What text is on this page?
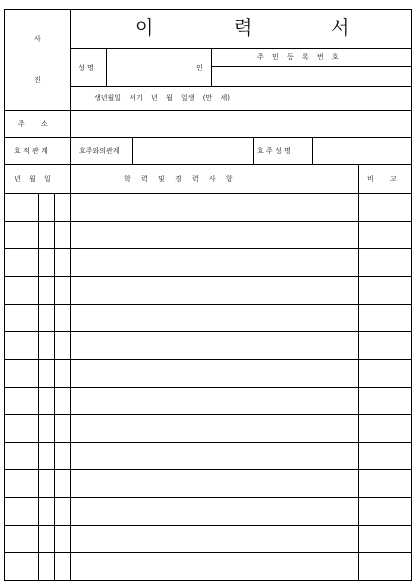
사
진
이	력	서
성 명	인
주 민 등 록 번 호
생년월일 서기 년 월 일생 (만 세)
주 소
호 적 관 계	호주와의관계	호 주 성 명
년 월 일	학 력 및 경 력 사 항	비 고
